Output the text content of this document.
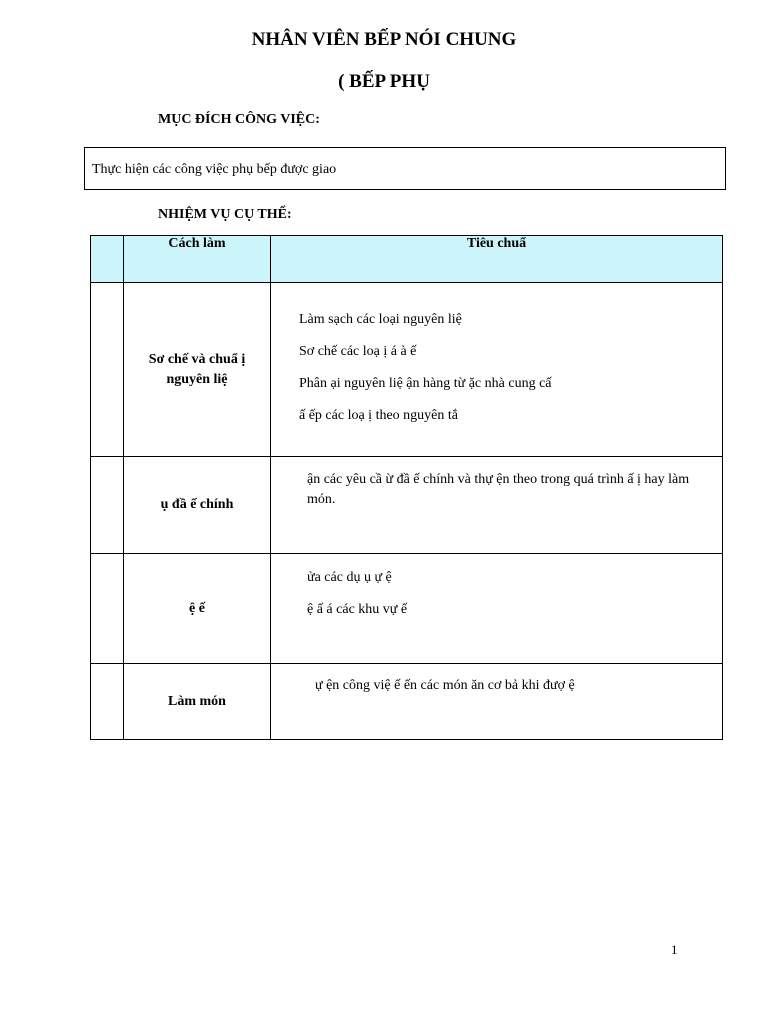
NHÂN VIÊN BẾP NÓI CHUNG
( BẾP PHỤ
MỤC ĐÍCH CÔNG VIỆC:
Thực hiện các công việc phụ bếp được giao
NHIỆM VỤ CỤ THỂ:
	Cách làm	Tiêu chuẩ
	Sơ chế và chuẩ ị nguyên liệ	Làm sạch các loại nguyên liệ
Sơ chế các loạ ị á à ế
Phân ại nguyên liệ ận hàng từ ặc nhà cung cấ
ấ ếp các loạ ị theo nguyên tắ

	ụ đầ ế chính	ận các yêu cầ ừ đầ ế chính và thự ện theo trong quá trình ấ ị hay làm món.

	ệ ế	ửa các dụ ụ ự ệ
ệ ấ á các khu vự ế

	Làm món	ự ện công việ ế ến các món ăn cơ bả khi đượ ệ
1
